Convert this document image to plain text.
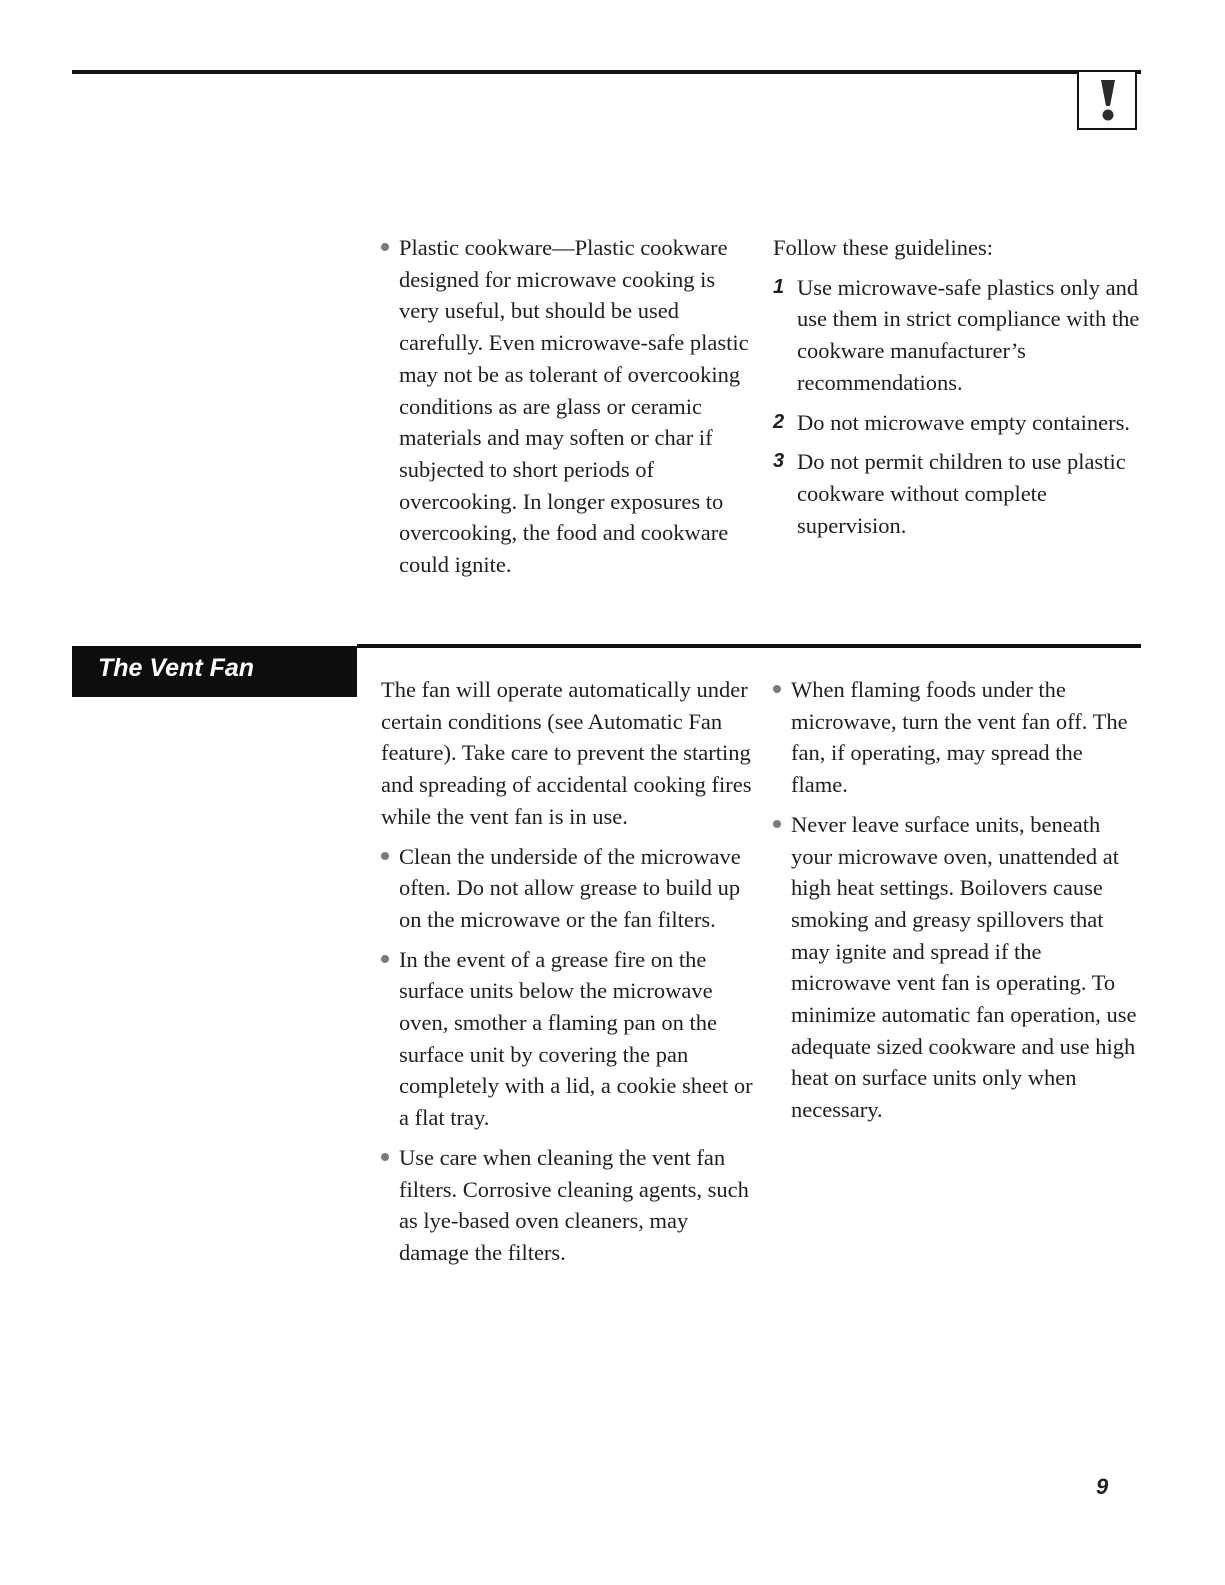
Plastic cookware—Plastic cookware designed for microwave cooking is very useful, but should be used carefully. Even microwave-safe plastic may not be as tolerant of overcooking conditions as are glass or ceramic materials and may soften or char if subjected to short periods of overcooking. In longer exposures to overcooking, the food and cookware could ignite.

Follow these guidelines:

1 Use microwave-safe plastics only and use them in strict compliance with the cookware manufacturer’s recommendations.

2 Do not microwave empty containers.

3 Do not permit children to use plastic cookware without complete supervision.

The Vent Fan

The fan will operate automatically under certain conditions (see Automatic Fan feature). Take care to prevent the starting and spreading of accidental cooking fires while the vent fan is in use.

Clean the underside of the microwave often. Do not allow grease to build up on the microwave or the fan filters.

In the event of a grease fire on the surface units below the microwave oven, smother a flaming pan on the surface unit by covering the pan completely with a lid, a cookie sheet or a flat tray.

Use care when cleaning the vent fan filters. Corrosive cleaning agents, such as lye-based oven cleaners, may damage the filters.

When flaming foods under the microwave, turn the vent fan off. The fan, if operating, may spread the flame.

Never leave surface units, beneath your microwave oven, unattended at high heat settings. Boilovers cause smoking and greasy spillovers that may ignite and spread if the microwave vent fan is operating. To minimize automatic fan operation, use adequate sized cookware and use high heat on surface units only when necessary.

9
